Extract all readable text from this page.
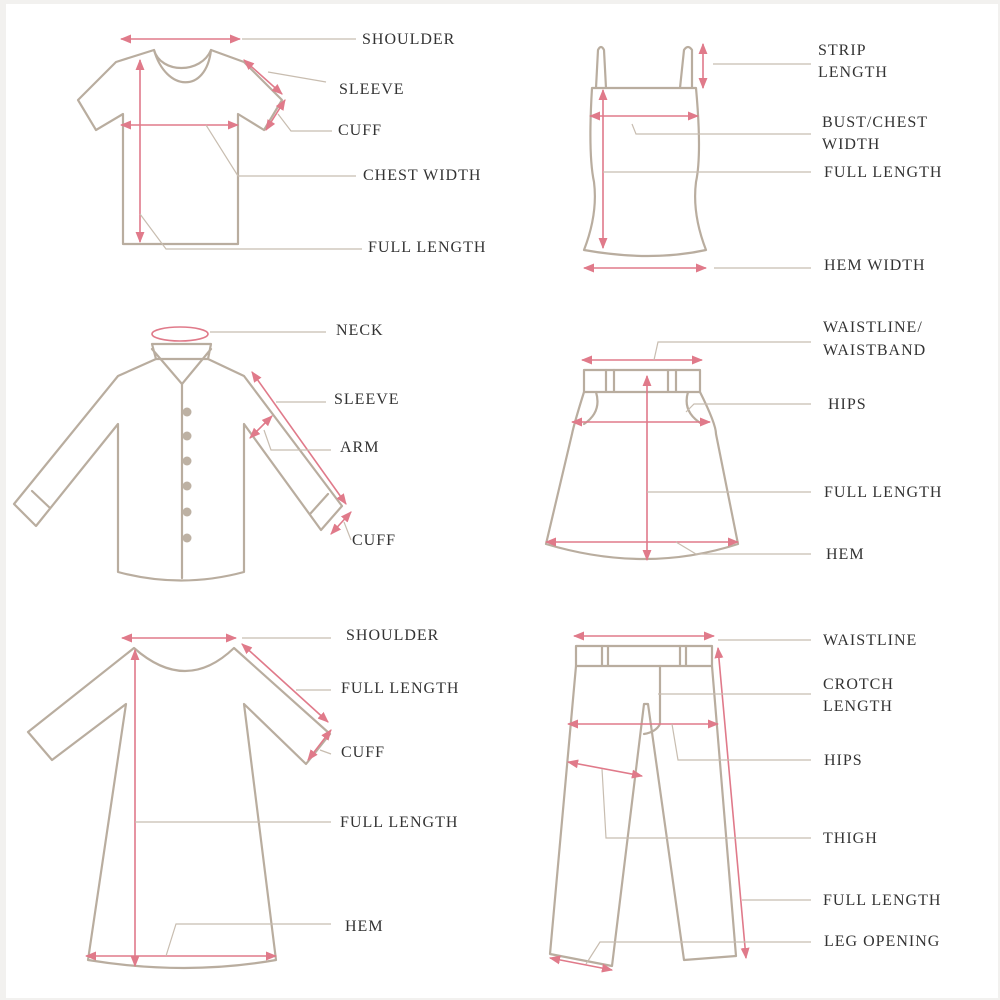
SHOULDER
SLEEVE
CUFF
CHEST WIDTH
FULL LENGTH
STRIP
LENGTH
BUST/CHEST
WIDTH
FULL LENGTH
HEM WIDTH
NECK
SLEEVE
ARM
CUFF
WAISTLINE/
WAISTBAND
HIPS
FULL LENGTH
HEM
SHOULDER
FULL LENGTH
CUFF
FULL LENGTH
HEM
WAISTLINE
CROTCH
LENGTH
HIPS
THIGH
FULL LENGTH
LEG OPENING
